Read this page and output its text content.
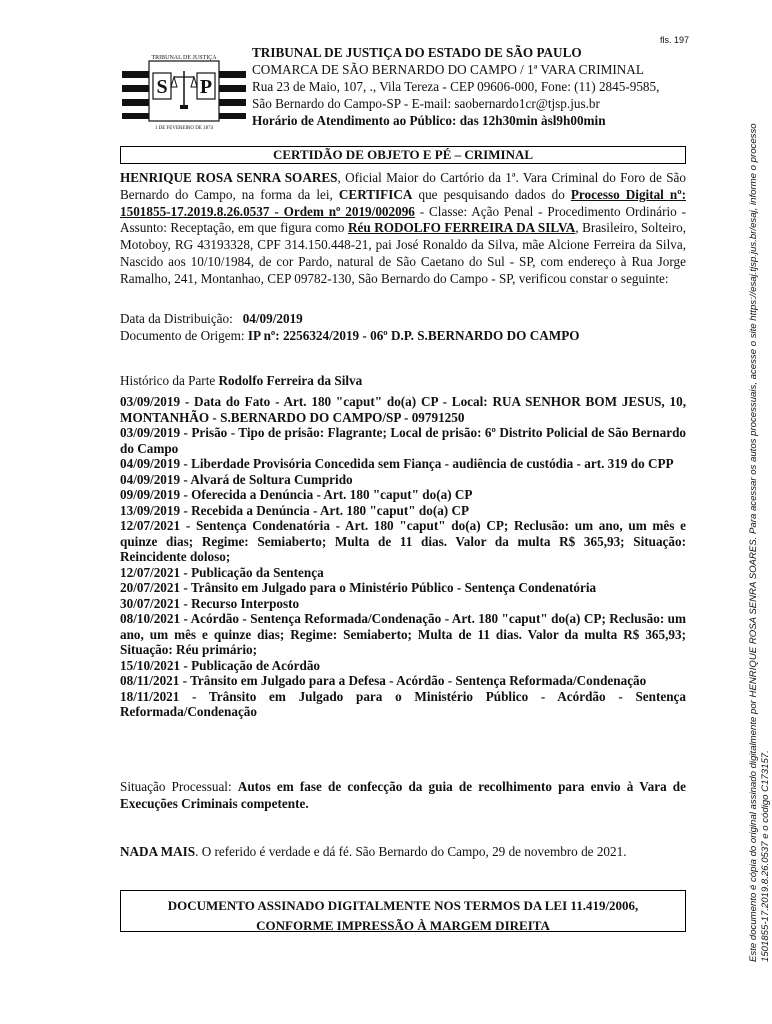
fls. 197
S P
TRIBUNAL DE JUSTIÇA
1 DE FEVEREIRO DE 1874
TRIBUNAL DE JUSTIÇA DO ESTADO DE SÃO PAULO
COMARCA DE SÃO BERNARDO DO CAMPO / 1ª VARA CRIMINAL
Rua 23 de Maio, 107, ., Vila Tereza - CEP 09606-000, Fone: (11) 2845-9585, São Bernardo do Campo-SP - E-mail: saobernardo1cr@tjsp.jus.br
Horário de Atendimento ao Público: das 12h30min àsl9h00min
CERTIDÃO DE OBJETO E PÉ – CRIMINAL

HENRIQUE ROSA SENRA SOARES, Oficial Maior do Cartório da 1ª. Vara Criminal do Foro de São Bernardo do Campo, na forma da lei, CERTIFICA que pesquisando dados do Processo Digital nº: 1501855-17.2019.8.26.0537 - Ordem nº 2019/002096 - Classe: Ação Penal - Procedimento Ordinário - Assunto: Receptação, em que figura como Réu RODOLFO FERREIRA DA SILVA, Brasileiro, Solteiro, Motoboy, RG 43193328, CPF 314.150.448-21, pai José Ronaldo da Silva, mãe Alcione Ferreira da Silva, Nascido aos 10/10/1984, de cor Pardo, natural de São Caetano do Sul - SP, com endereço à Rua Jorge Ramalho, 241, Montanhao, CEP 09782-130, São Bernardo do Campo - SP, verificou constar o seguinte:

Data da Distribuição: 04/09/2019
Documento de Origem: IP nº: 2256324/2019 - 06º D.P. S.BERNARDO DO CAMPO
Histórico da Parte Rodolfo Ferreira da Silva
03/09/2019 - Data do Fato - Art. 180 "caput" do(a) CP - Local: RUA SENHOR BOM JESUS, 10, MONTANHÃO - S.BERNARDO DO CAMPO/SP - 09791250
03/09/2019 - Prisão - Tipo de prisão: Flagrante; Local de prisão: 6º Distrito Policial de São Bernardo do Campo
04/09/2019 - Liberdade Provisória Concedida sem Fiança - audiência de custódia - art. 319 do CPP
04/09/2019 - Alvará de Soltura Cumprido
09/09/2019 - Oferecida a Denúncia - Art. 180 "caput" do(a) CP
13/09/2019 - Recebida a Denúncia - Art. 180 "caput" do(a) CP
12/07/2021 - Sentença Condenatória - Art. 180 "caput" do(a) CP; Reclusão: um ano, um mês e quinze dias; Regime: Semiaberto; Multa de 11 dias. Valor da multa R$ 365,93; Situação: Reincidente doloso;
12/07/2021 - Publicação da Sentença
20/07/2021 - Trânsito em Julgado para o Ministério Público - Sentença Condenatória
30/07/2021 - Recurso Interposto
08/10/2021 - Acórdão - Sentença Reformada/Condenação - Art. 180 "caput" do(a) CP; Reclusão: um ano, um mês e quinze dias; Regime: Semiaberto; Multa de 11 dias. Valor da multa R$ 365,93; Situação: Réu primário;
15/10/2021 - Publicação de Acórdão
08/11/2021 - Trânsito em Julgado para a Defesa - Acórdão - Sentença Reformada/Condenação
18/11/2021 - Trânsito em Julgado para o Ministério Público - Acórdão - Sentença Reformada/Condenação
Situação Processual: Autos em fase de confecção da guia de recolhimento para envio à Vara de Execuções Criminais competente.
NADA MAIS. O referido é verdade e dá fé. São Bernardo do Campo, 29 de novembro de 2021.
DOCUMENTO ASSINADO DIGITALMENTE NOS TERMOS DA LEI 11.419/2006,
CONFORME IMPRESSÃO À MARGEM DIREITA	Este documento é cópia do original assinado digitalmente por HENRIQUE ROSA SENRA SOARES. Para acessar os autos processuais, acesse o site https://esaj.tjsp.jus.br/esaj, informe o processo 1501855-17.2019.8.26.0537 e o código C173157.
